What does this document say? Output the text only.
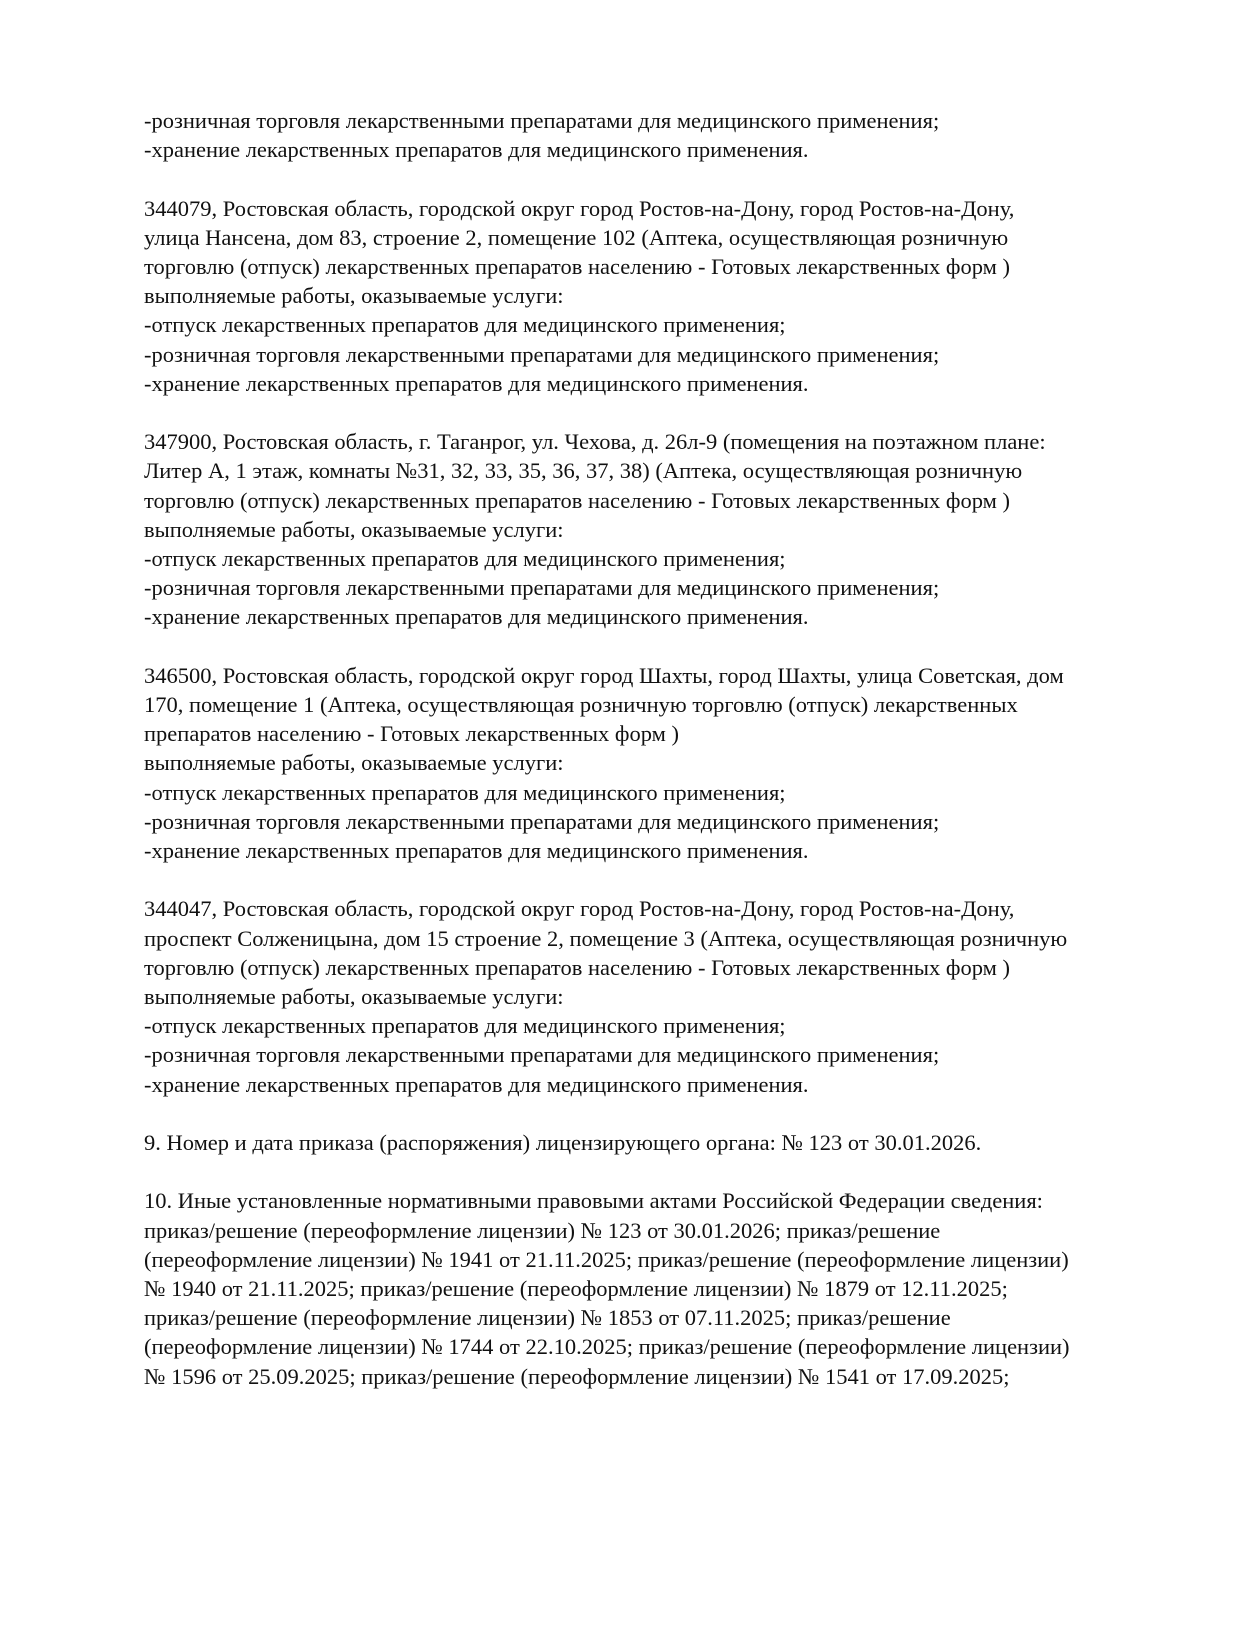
-розничная торговля лекарственными препаратами для медицинского применения;
-хранение лекарственных препаратов для медицинского применения.
344079, Ростовская область, городской округ город Ростов-на-Дону, город Ростов-на-Дону,
улица Нансена, дом 83, строение 2, помещение 102 (Аптека, осуществляющая розничную
торговлю (отпуск) лекарственных препаратов населению - Готовых лекарственных форм )
выполняемые работы, оказываемые услуги:
-отпуск лекарственных препаратов для медицинского применения;
-розничная торговля лекарственными препаратами для медицинского применения;
-хранение лекарственных препаратов для медицинского применения.
347900, Ростовская область, г. Таганрог, ул. Чехова, д. 26л-9 (помещения на поэтажном плане:
Литер А, 1 этаж, комнаты №31, 32, 33, 35, 36, 37, 38) (Аптека, осуществляющая розничную
торговлю (отпуск) лекарственных препаратов населению - Готовых лекарственных форм )
выполняемые работы, оказываемые услуги:
-отпуск лекарственных препаратов для медицинского применения;
-розничная торговля лекарственными препаратами для медицинского применения;
-хранение лекарственных препаратов для медицинского применения.
346500, Ростовская область, городской округ город Шахты, город Шахты, улица Советская, дом
170, помещение 1 (Аптека, осуществляющая розничную торговлю (отпуск) лекарственных
препаратов населению - Готовых лекарственных форм )
выполняемые работы, оказываемые услуги:
-отпуск лекарственных препаратов для медицинского применения;
-розничная торговля лекарственными препаратами для медицинского применения;
-хранение лекарственных препаратов для медицинского применения.
344047, Ростовская область, городской округ город Ростов-на-Дону, город Ростов-на-Дону,
проспект Солженицына, дом 15 строение 2, помещение 3 (Аптека, осуществляющая розничную
торговлю (отпуск) лекарственных препаратов населению - Готовых лекарственных форм )
выполняемые работы, оказываемые услуги:
-отпуск лекарственных препаратов для медицинского применения;
-розничная торговля лекарственными препаратами для медицинского применения;
-хранение лекарственных препаратов для медицинского применения.
9. Номер и дата приказа (распоряжения) лицензирующего органа: № 123 от 30.01.2026.
10. Иные установленные нормативными правовыми актами Российской Федерации сведения:
приказ/решение (переоформление лицензии) № 123 от 30.01.2026; приказ/решение
(переоформление лицензии) № 1941 от 21.11.2025; приказ/решение (переоформление лицензии)
№ 1940 от 21.11.2025; приказ/решение (переоформление лицензии) № 1879 от 12.11.2025;
приказ/решение (переоформление лицензии) № 1853 от 07.11.2025; приказ/решение
(переоформление лицензии) № 1744 от 22.10.2025; приказ/решение (переоформление лицензии)
№ 1596 от 25.09.2025; приказ/решение (переоформление лицензии) № 1541 от 17.09.2025;
